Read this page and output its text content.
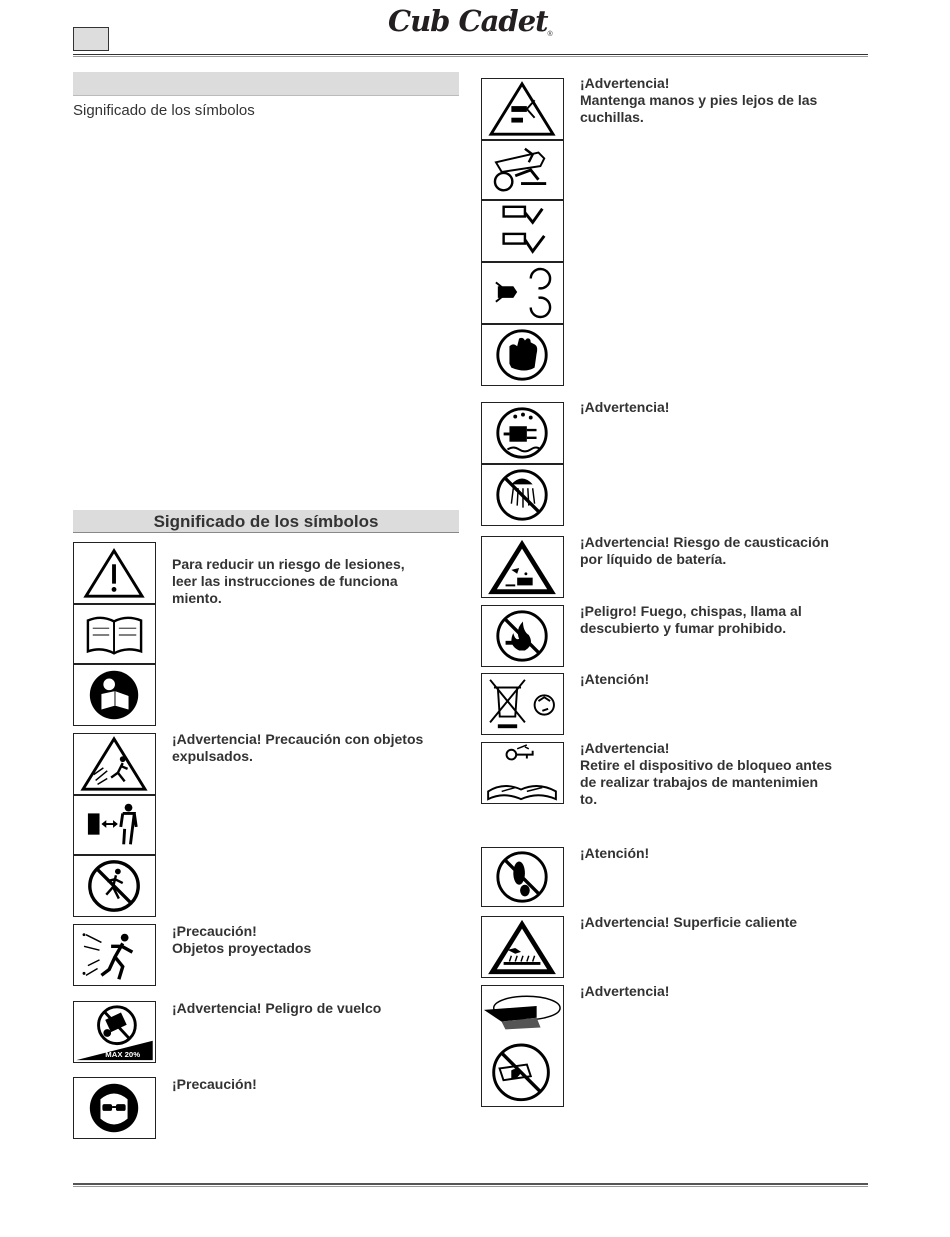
Cub Cadet®
Significado de los símbolos
Significado de los símbolos
MAX 20%
Para reducir un riesgo de lesiones,
leer las instrucciones de funciona
miento.
¡Advertencia! Precaución con objetos
expulsados.
¡Precaución!
Objetos proyectados
¡Advertencia! Peligro de vuelco
¡Precaución!
¡Advertencia!
Mantenga manos y pies lejos de las
cuchillas.
¡Advertencia!
¡Advertencia! Riesgo de causticación
por líquido de batería.
¡Peligro! Fuego, chispas, llama al
descubierto y fumar prohibido.
¡Atención!
¡Advertencia!
Retire el dispositivo de bloqueo antes
de realizar trabajos de mantenimien
to.
¡Atención!
¡Advertencia! Superficie caliente
¡Advertencia!
